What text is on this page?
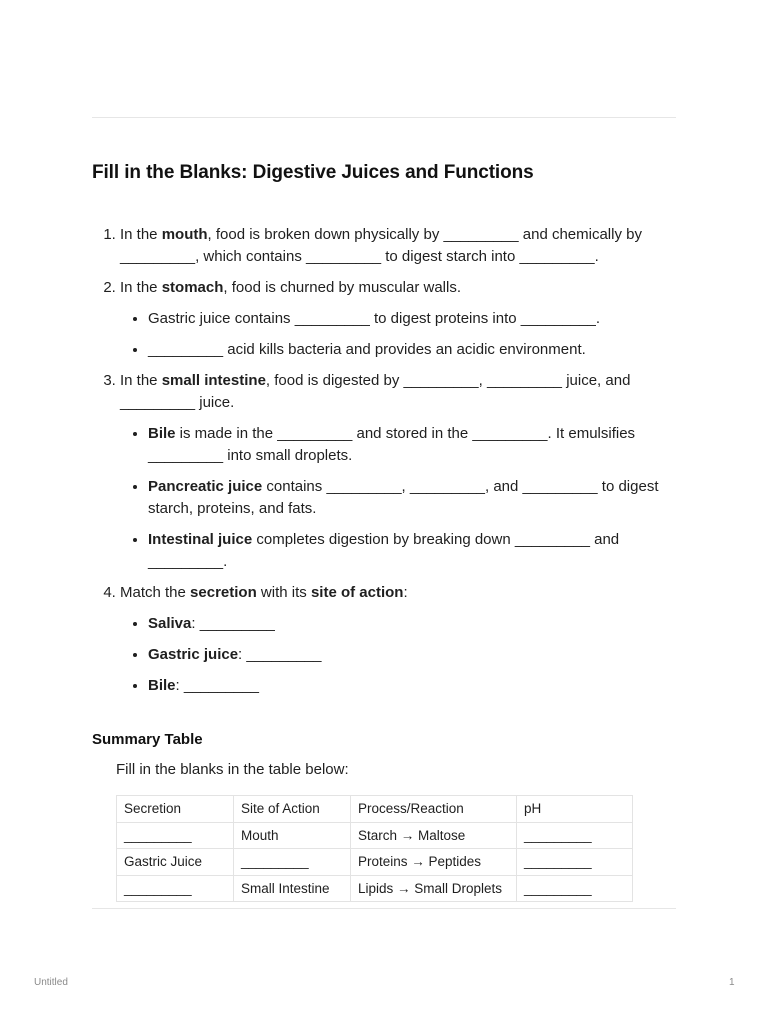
Fill in the Blanks: Digestive Juices and Functions
1. In the mouth, food is broken down physically by _________ and chemically by _________, which contains _________ to digest starch into _________.
2. In the stomach, food is churned by muscular walls.
• Gastric juice contains _________ to digest proteins into _________.
• _________ acid kills bacteria and provides an acidic environment.
3. In the small intestine, food is digested by _________, _________ juice, and _________ juice.
• Bile is made in the _________ and stored in the _________. It emulsifies _________ into small droplets.
• Pancreatic juice contains _________, _________, and _________ to digest starch, proteins, and fats.
• Intestinal juice completes digestion by breaking down _________ and _________.
4. Match the secretion with its site of action:
• Saliva: _________
• Gastric juice: _________
• Bile: _________
Summary Table

Fill in the blanks in the table below:

Secretion	Site of Action	Process/Reaction	pH
_________	Mouth	Starch → Maltose	_________
Gastric Juice	_________	Proteins → Peptides	_________
_________	Small Intestine	Lipids → Small Droplets	_________
Untitled	1
